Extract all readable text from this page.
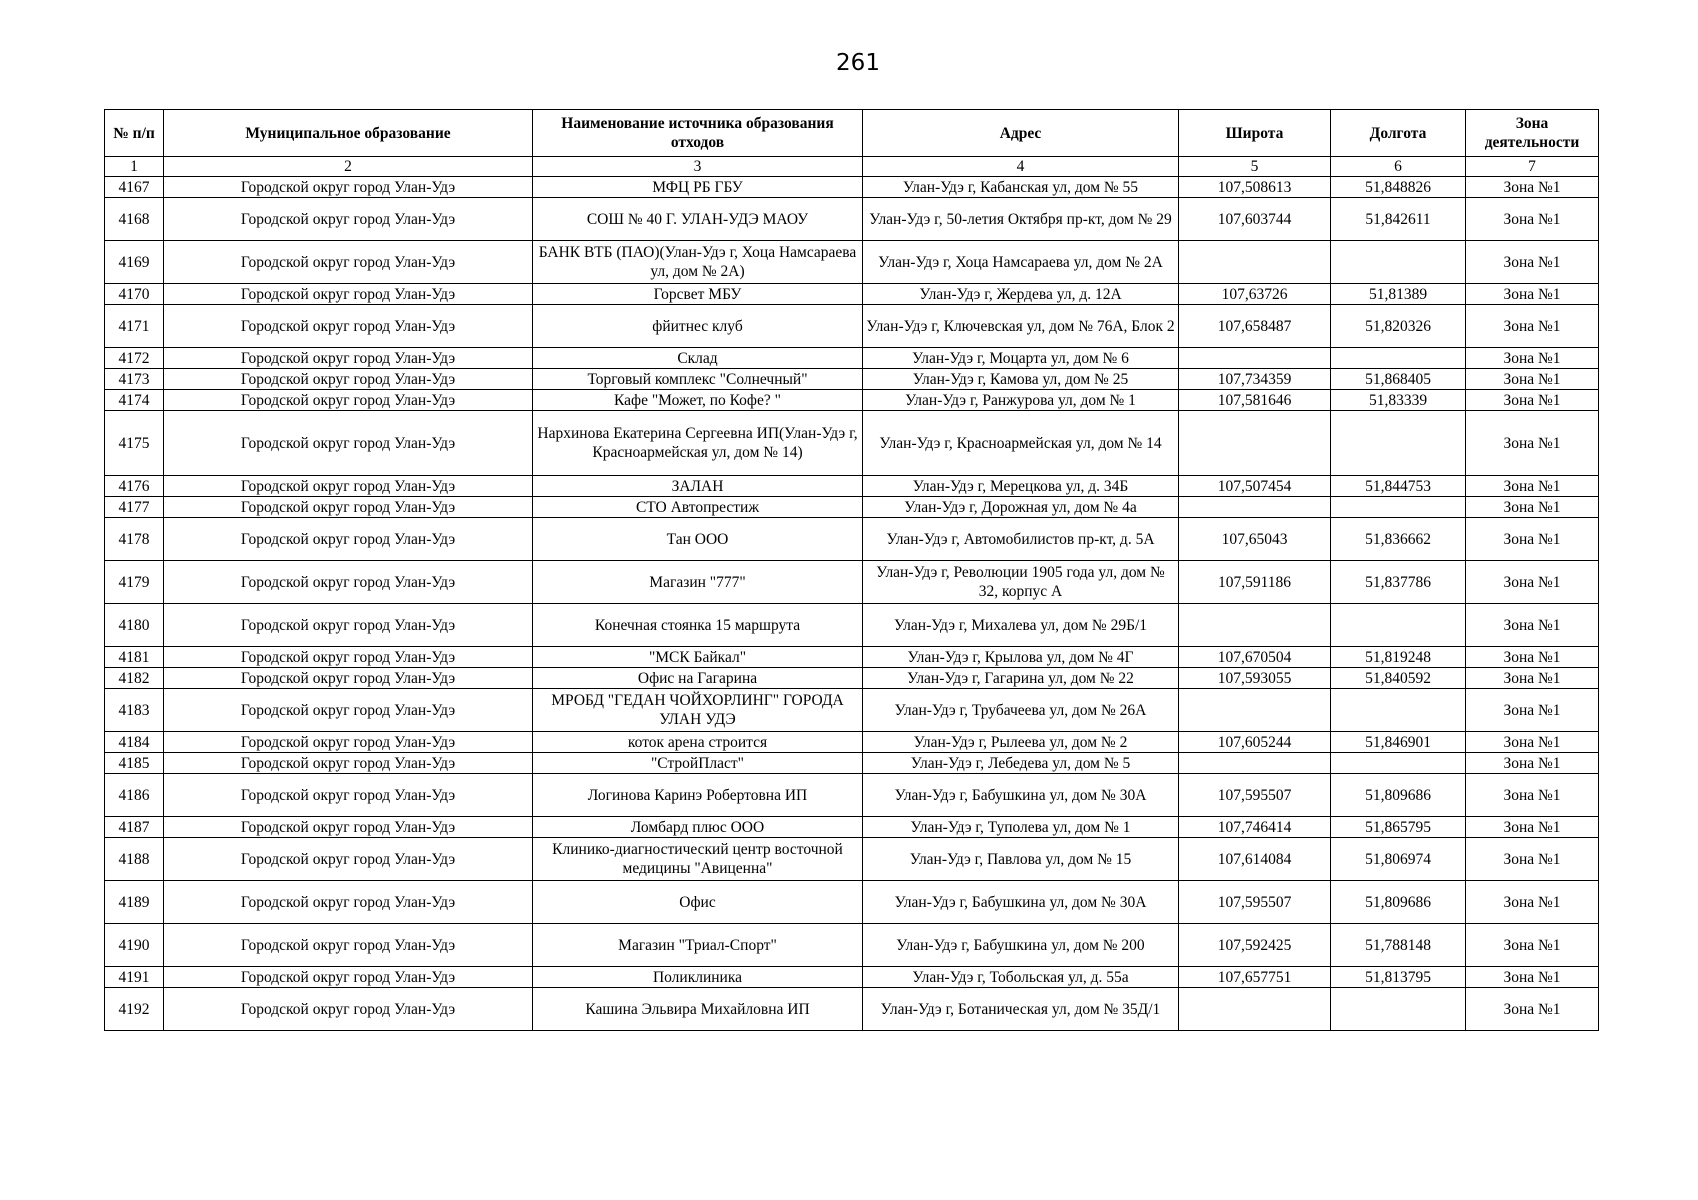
261
№ п/п	Муниципальное образование	Наименование источника образования отходов	Адрес	Широта	Долгота	Зона деятельности
1	2	3	4	5	6	7
4167	Городской округ город Улан-Удэ	МФЦ РБ ГБУ	Улан-Удэ г, Кабанская ул, дом № 55	107,508613	51,848826	Зона №1
4168	Городской округ город Улан-Удэ	СОШ № 40 Г. УЛАН-УДЭ МАОУ	Улан-Удэ г, 50-летия Октября пр-кт, дом № 29	107,603744	51,842611	Зона №1
4169	Городской округ город Улан-Удэ	БАНК ВТБ (ПАО)(Улан-Удэ г, Хоца Намсараева ул, дом № 2А)	Улан-Удэ г, Хоца Намсараева ул, дом № 2А			Зона №1
4170	Городской округ город Улан-Удэ	Горсвет МБУ	Улан-Удэ г, Жердева ул, д. 12А	107,63726	51,81389	Зона №1
4171	Городской округ город Улан-Удэ	фйитнес клуб	Улан-Удэ г, Ключевская ул, дом № 76А, Блок 2	107,658487	51,820326	Зона №1
4172	Городской округ город Улан-Удэ	Склад	Улан-Удэ г, Моцарта ул, дом № 6			Зона №1
4173	Городской округ город Улан-Удэ	Торговый комплекс "Солнечный"	Улан-Удэ г, Камова ул, дом № 25	107,734359	51,868405	Зона №1
4174	Городской округ город Улан-Удэ	Кафе "Может, по Кофе? "	Улан-Удэ г, Ранжурова ул, дом № 1	107,581646	51,83339	Зона №1
4175	Городской округ город Улан-Удэ	Нархинова Екатерина Сергеевна ИП(Улан-Удэ г, Красноармейская ул, дом № 14)	Улан-Удэ г, Красноармейская ул, дом № 14			Зона №1
4176	Городской округ город Улан-Удэ	ЗАЛАН	Улан-Удэ г, Мерецкова ул, д. 34Б	107,507454	51,844753	Зона №1
4177	Городской округ город Улан-Удэ	СТО Автопрестиж	Улан-Удэ г, Дорожная ул, дом № 4а			Зона №1
4178	Городской округ город Улан-Удэ	Тан ООО	Улан-Удэ г, Автомобилистов пр-кт, д. 5А	107,65043	51,836662	Зона №1
4179	Городской округ город Улан-Удэ	Магазин "777"	Улан-Удэ г, Революции 1905 года ул, дом № 32, корпус А	107,591186	51,837786	Зона №1
4180	Городской округ город Улан-Удэ	Конечная стоянка 15 маршрута	Улан-Удэ г, Михалева ул, дом № 29Б/1			Зона №1
4181	Городской округ город Улан-Удэ	"МСК Байкал"	Улан-Удэ г, Крылова ул, дом № 4Г	107,670504	51,819248	Зона №1
4182	Городской округ город Улан-Удэ	Офис на Гагарина	Улан-Удэ г, Гагарина ул, дом № 22	107,593055	51,840592	Зона №1
4183	Городской округ город Улан-Удэ	МРОБД "ГЕДАН ЧОЙХОРЛИНГ" ГОРОДА УЛАН УДЭ	Улан-Удэ г, Трубачеева ул, дом № 26А			Зона №1
4184	Городской округ город Улан-Удэ	коток арена строится	Улан-Удэ г, Рылеева ул, дом № 2	107,605244	51,846901	Зона №1
4185	Городской округ город Улан-Удэ	"СтройПласт"	Улан-Удэ г, Лебедева ул, дом № 5			Зона №1
4186	Городской округ город Улан-Удэ	Логинова Каринэ Робертовна ИП	Улан-Удэ г, Бабушкина ул, дом № 30А	107,595507	51,809686	Зона №1
4187	Городской округ город Улан-Удэ	Ломбард плюс ООО	Улан-Удэ г, Туполева ул, дом № 1	107,746414	51,865795	Зона №1
4188	Городской округ город Улан-Удэ	Клинико-диагностический центр восточной медицины "Авиценна"	Улан-Удэ г, Павлова ул, дом № 15	107,614084	51,806974	Зона №1
4189	Городской округ город Улан-Удэ	Офис	Улан-Удэ г, Бабушкина ул, дом № 30А	107,595507	51,809686	Зона №1
4190	Городской округ город Улан-Удэ	Магазин "Триал-Спорт"	Улан-Удэ г, Бабушкина ул, дом № 200	107,592425	51,788148	Зона №1
4191	Городской округ город Улан-Удэ	Поликлиника	Улан-Удэ г, Тобольская ул, д. 55а	107,657751	51,813795	Зона №1
4192	Городской округ город Улан-Удэ	Кашина Эльвира Михайловна ИП	Улан-Удэ г, Ботаническая ул, дом № 35Д/1			Зона №1
